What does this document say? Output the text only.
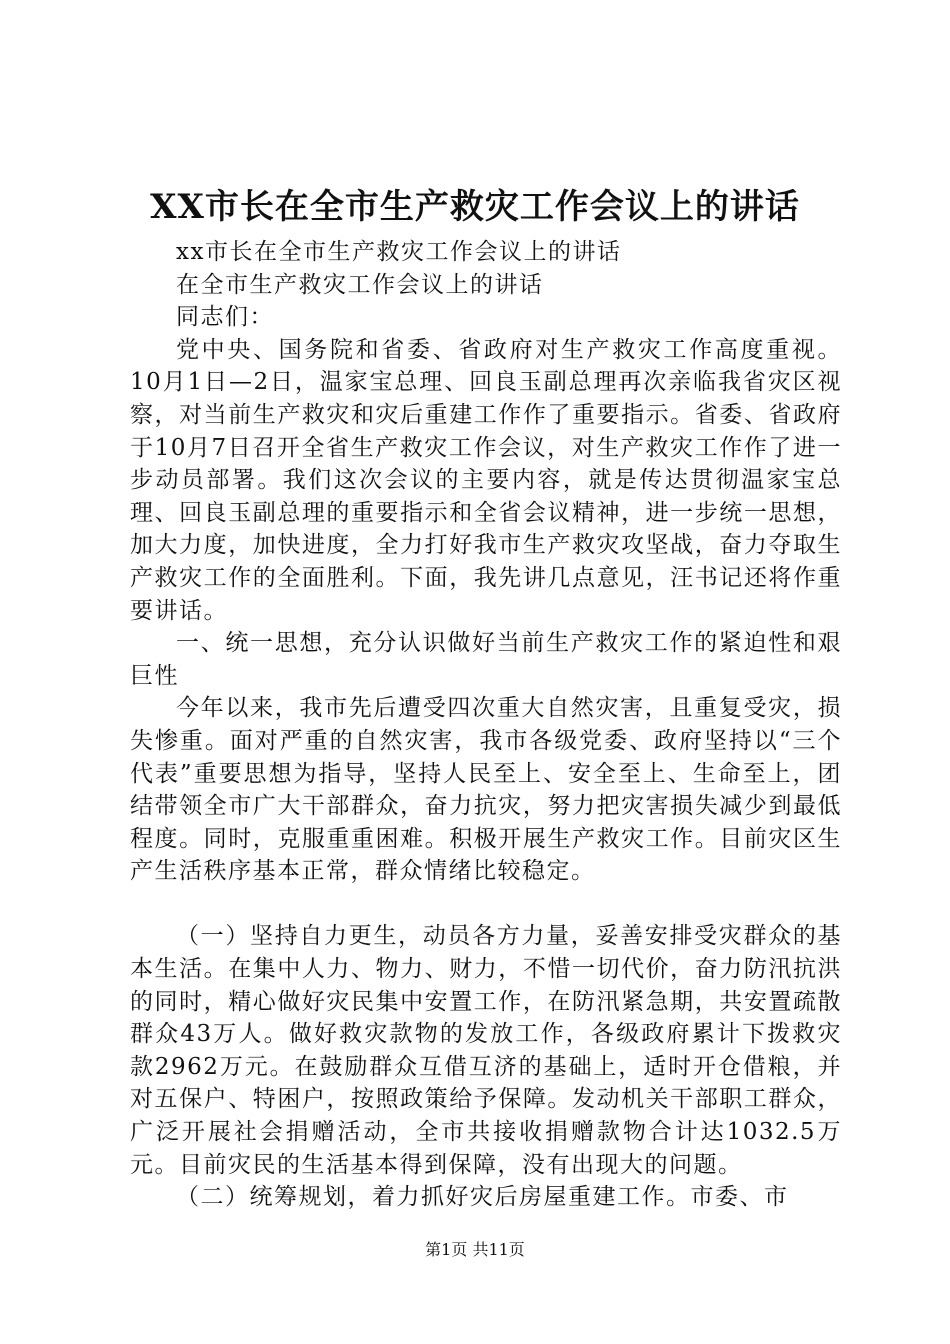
XX市长在全市生产救灾工作会议上的讲话

xx市长在全市生产救灾工作会议上的讲话

在全市生产救灾工作会议上的讲话

同志们：

党中央、国务院和省委、省政府对生产救灾工作高度重视。10月1日—2日，温家宝总理、回良玉副总理再次亲临我省灾区视察，对当前生产救灾和灾后重建工作作了重要指示。省委、省政府于10月7日召开全省生产救灾工作会议，对生产救灾工作作了进一步动员部署。我们这次会议的主要内容，就是传达贯彻温家宝总理、回良玉副总理的重要指示和全省会议精神，进一步统一思想，加大力度，加快进度，全力打好我市生产救灾攻坚战，奋力夺取生产救灾工作的全面胜利。下面，我先讲几点意见，汪书记还将作重要讲话。

一、统一思想，充分认识做好当前生产救灾工作的紧迫性和艰巨性

今年以来，我市先后遭受四次重大自然灾害，且重复受灾，损失惨重。面对严重的自然灾害，我市各级党委、政府坚持以“三个代表”重要思想为指导，坚持人民至上、安全至上、生命至上，团结带领全市广大干部群众，奋力抗灾，努力把灾害损失减少到最低程度。同时，克服重重困难。积极开展生产救灾工作。目前灾区生产生活秩序基本正常，群众情绪比较稳定。

（一）坚持自力更生，动员各方力量，妥善安排受灾群众的基本生活。在集中人力、物力、财力，不惜一切代价，奋力防汛抗洪的同时，精心做好灾民集中安置工作，在防汛紧急期，共安置疏散群众43万人。做好救灾款物的发放工作，各级政府累计下拨救灾款2962万元。在鼓励群众互借互济的基础上，适时开仓借粮，并对五保户、特困户，按照政策给予保障。发动机关干部职工群众，广泛开展社会捐赠活动，全市共接收捐赠款物合计达1032.5万元。目前灾民的生活基本得到保障，没有出现大的问题。

（二）统筹规划，着力抓好灾后房屋重建工作。市委、市

第1页 共11页
